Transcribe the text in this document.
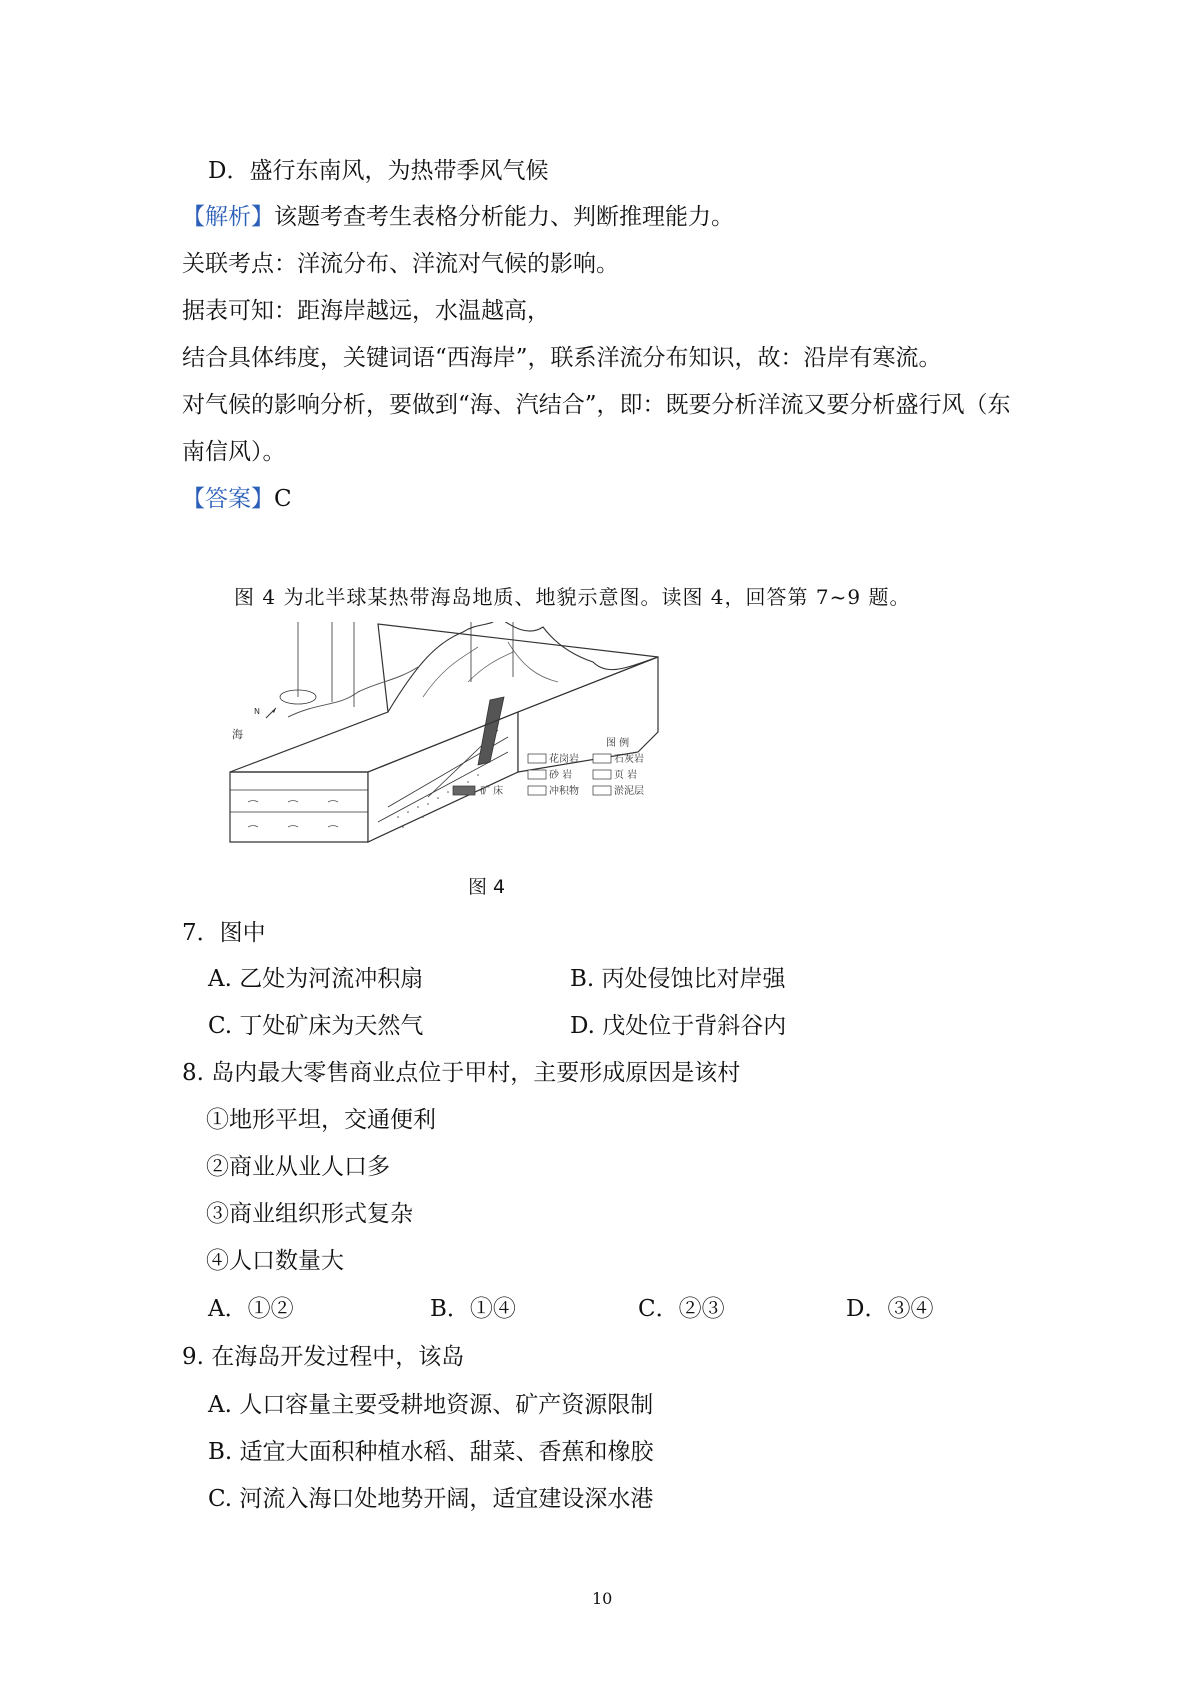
D．盛行东南风，为热带季风气候
【解析】该题考查考生表格分析能力、判断推理能力。
关联考点：洋流分布、洋流对气候的影响。
据表可知：距海岸越远，水温越高，
结合具体纬度，关键词语“西海岸”，联系洋流分布知识，故：沿岸有寒流。
对气候的影响分析，要做到“海、汽结合”，即：既要分析洋流又要分析盛行风（东
南信风）。
【答案】C
图 4 为北半球某热带海岛地质、地貌示意图。读图 4，回答第 7~9 题。
海
N
图 例
花岗岩	石灰岩
砂 岩	页 岩
矿 床	冲积物	淤泥层
图 4
7．图中
A. 乙处为河流冲积扇	B. 丙处侵蚀比对岸强
C. 丁处矿床为天然气	D. 戊处位于背斜谷内
8. 岛内最大零售商业点位于甲村，主要形成原因是该村
①地形平坦，交通便利
②商业从业人口多
③商业组织形式复杂
④人口数量大
A．①②	B．①④	C．②③	D．③④
9. 在海岛开发过程中，该岛
A. 人口容量主要受耕地资源、矿产资源限制
B. 适宜大面积种植水稻、甜菜、香蕉和橡胶
C. 河流入海口处地势开阔，适宜建设深水港
10
